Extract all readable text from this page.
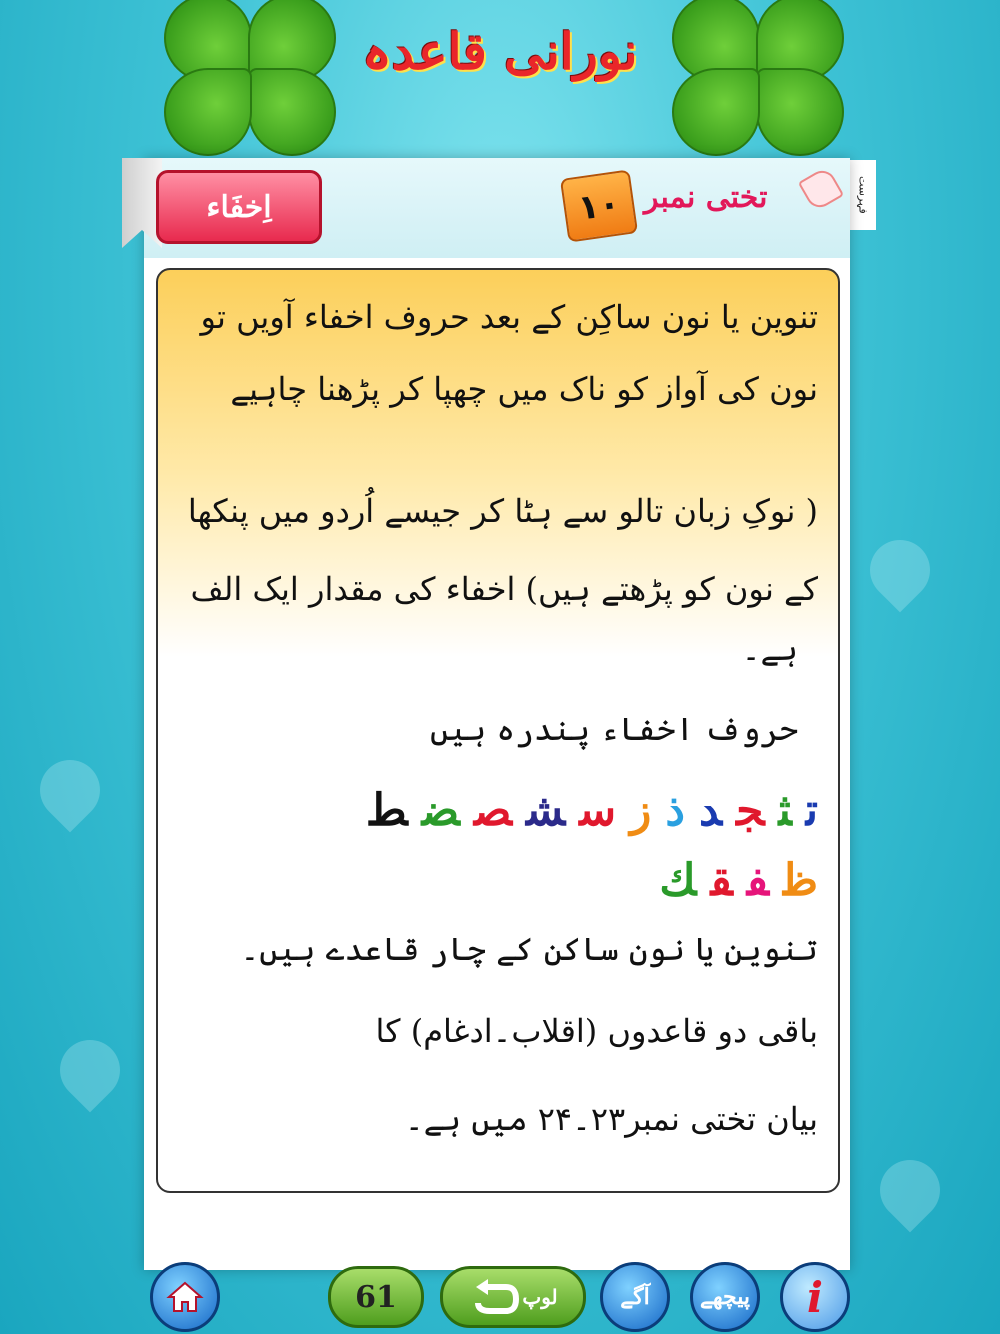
نورانی قاعدہ
فہرست
اِخفَاء	١٠ تختی نمبر
تنوین یا نون ساکِن کے بعد حروف اخفاء آویں تو
نون کی آواز کو ناک میں چھپا کر پڑھنا چاہیے
( نوکِ زبان تالو سے ہٹا کر جیسے اُردو میں پنکھا
کے نون کو پڑھتے ہیں) اخفاء کی مقدار ایک الف
ہے۔
حروف اخفاء پندرہ ہیں
تثجدذزسشصضط
ظفقك
تنوین یا نون ساکن کے چار قاعدے ہیں۔
باقی دو قاعدوں (اقلاب۔ادغام) کا
بیان تختی نمبر۲۳۔۲۴ میں ہے۔
61	لوپ	آگے پیچھے i
